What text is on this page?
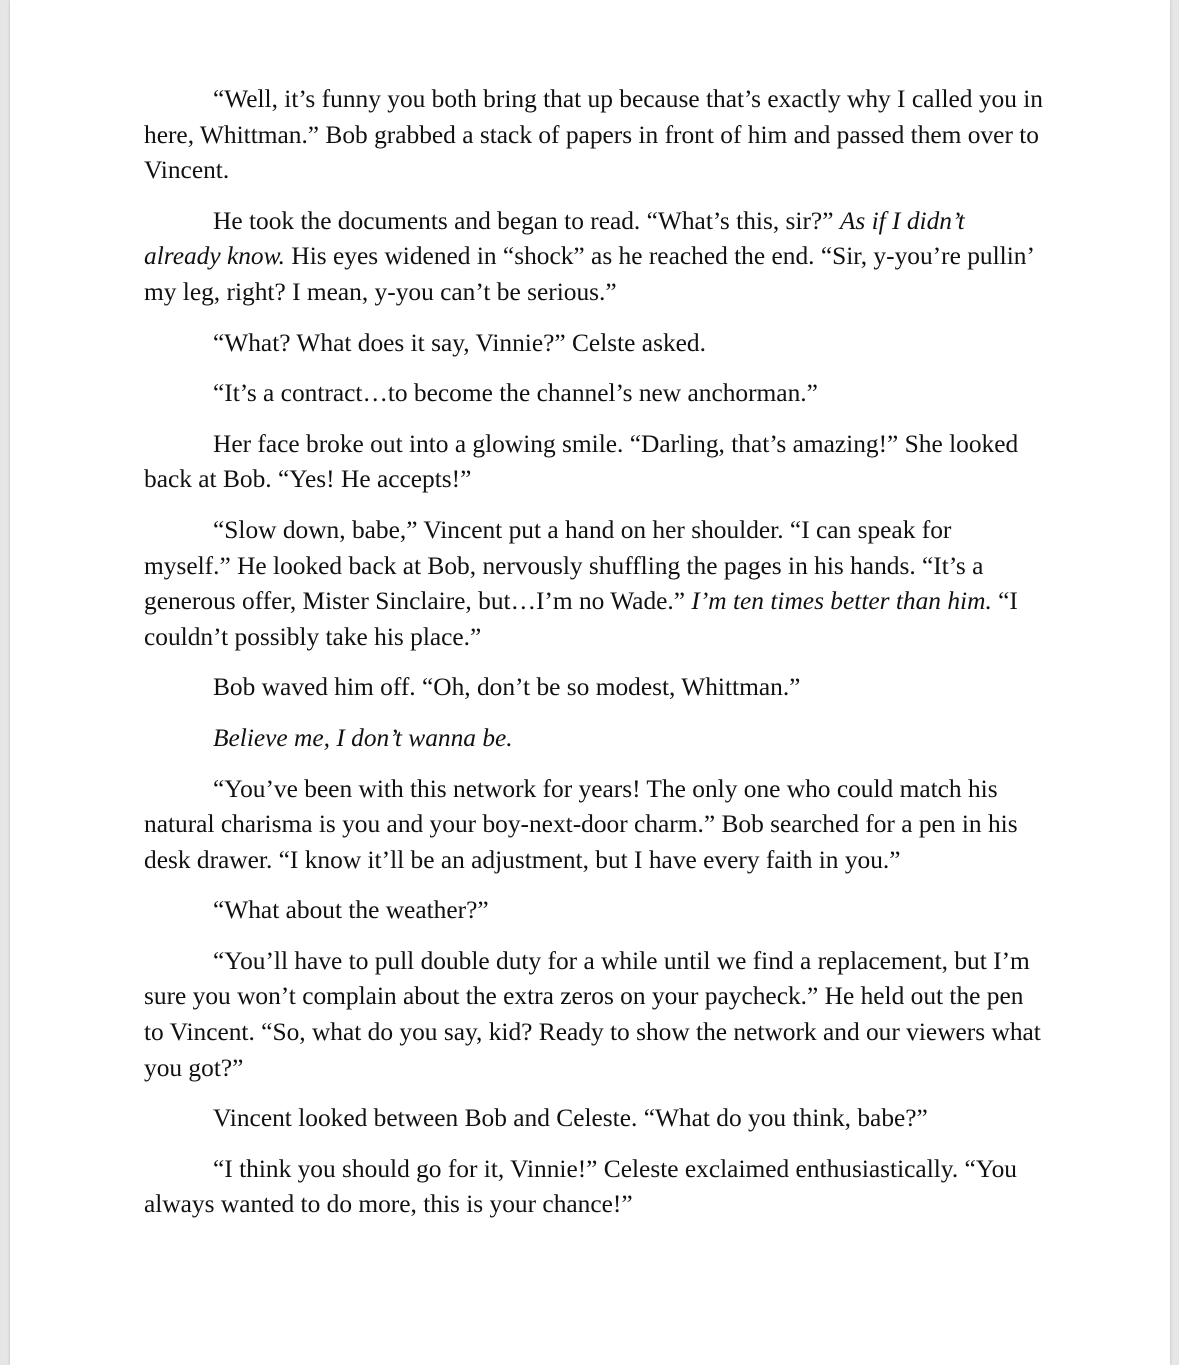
“Well, it’s funny you both bring that up because that’s exactly why I called you in here, Whittman.” Bob grabbed a stack of papers in front of him and passed them over to Vincent.

He took the documents and began to read. “What’s this, sir?” As if I didn’t already know. His eyes widened in “shock” as he reached the end. “Sir, y-you’re pullin’ my leg, right? I mean, y-you can’t be serious.”

“What? What does it say, Vinnie?” Celste asked.

“It’s a contract…to become the channel’s new anchorman.”

Her face broke out into a glowing smile. “Darling, that’s amazing!” She looked back at Bob. “Yes! He accepts!”

“Slow down, babe,” Vincent put a hand on her shoulder. “I can speak for myself.” He looked back at Bob, nervously shuffling the pages in his hands. “It’s a generous offer, Mister Sinclaire, but…I’m no Wade.” I’m ten times better than him. “I couldn’t possibly take his place.”

Bob waved him off. “Oh, don’t be so modest, Whittman.”

Believe me, I don’t wanna be.

“You’ve been with this network for years! The only one who could match his natural charisma is you and your boy-next-door charm.” Bob searched for a pen in his desk drawer. “I know it’ll be an adjustment, but I have every faith in you.”

“What about the weather?”

“You’ll have to pull double duty for a while until we find a replacement, but I’m sure you won’t complain about the extra zeros on your paycheck.” He held out the pen to Vincent. “So, what do you say, kid? Ready to show the network and our viewers what you got?”

Vincent looked between Bob and Celeste. “What do you think, babe?”

“I think you should go for it, Vinnie!” Celeste exclaimed enthusiastically. “You always wanted to do more, this is your chance!”
